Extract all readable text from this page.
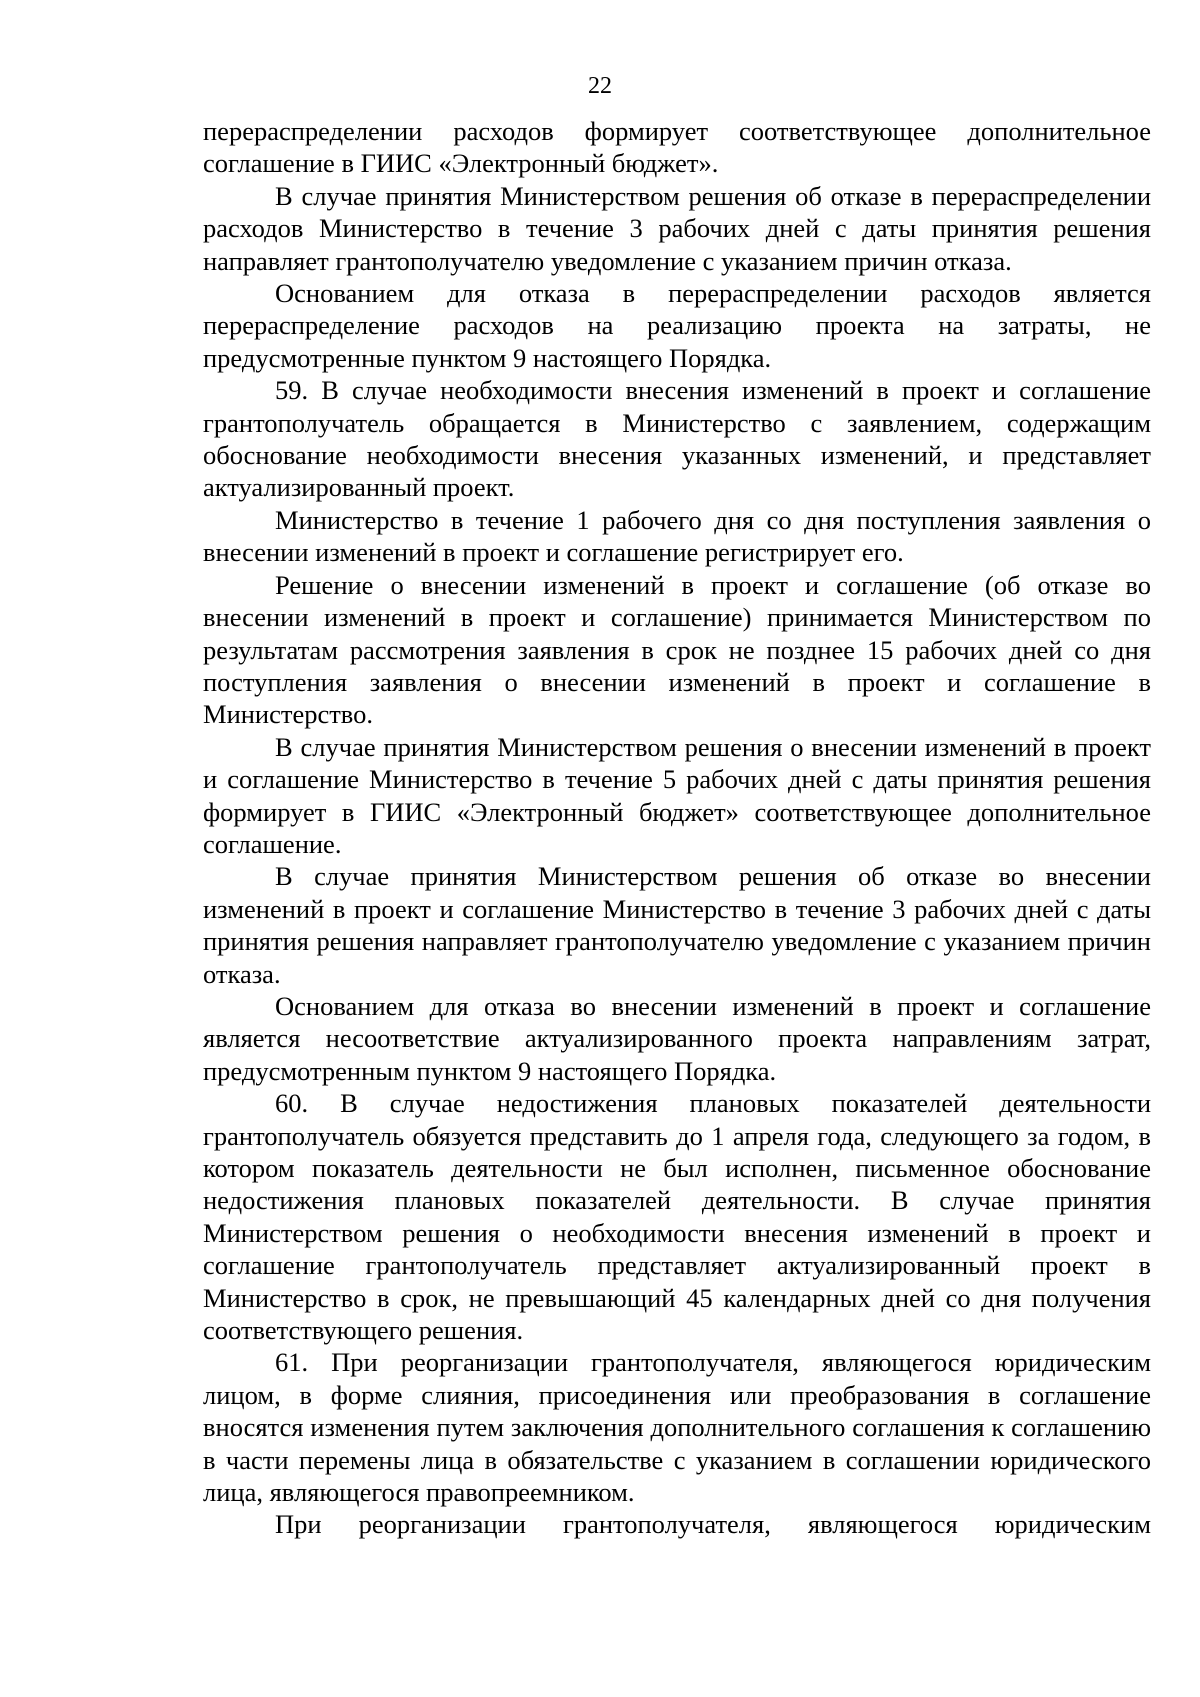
22

перераспределении расходов формирует соответствующее дополнительное соглашение в ГИИС «Электронный бюджет».

В случае принятия Министерством решения об отказе в перераспределении расходов Министерство в течение 3 рабочих дней с даты принятия решения направляет грантополучателю уведомление с указанием причин отказа.

Основанием для отказа в перераспределении расходов является перераспределение расходов на реализацию проекта на затраты, не предусмотренные пунктом 9 настоящего Порядка.

59. В случае необходимости внесения изменений в проект и соглашение грантополучатель обращается в Министерство с заявлением, содержащим обоснование необходимости внесения указанных изменений, и представляет актуализированный проект.

Министерство в течение 1 рабочего дня со дня поступления заявления о внесении изменений в проект и соглашение регистрирует его.

Решение о внесении изменений в проект и соглашение (об отказе во внесении изменений в проект и соглашение) принимается Министерством по результатам рассмотрения заявления в срок не позднее 15 рабочих дней со дня поступления заявления о внесении изменений в проект и соглашение в Министерство.

В случае принятия Министерством решения о внесении изменений в проект и соглашение Министерство в течение 5 рабочих дней с даты принятия решения формирует в ГИИС «Электронный бюджет» соответствующее дополнительное соглашение.

В случае принятия Министерством решения об отказе во внесении изменений в проект и соглашение Министерство в течение 3 рабочих дней с даты принятия решения направляет грантополучателю уведомление с указанием причин отказа.

Основанием для отказа во внесении изменений в проект и соглашение является несоответствие актуализированного проекта направлениям затрат, предусмотренным пунктом 9 настоящего Порядка.

60. В случае недостижения плановых показателей деятельности грантополучатель обязуется представить до 1 апреля года, следующего за годом, в котором показатель деятельности не был исполнен, письменное обоснование недостижения плановых показателей деятельности. В случае принятия Министерством решения о необходимости внесения изменений в проект и соглашение грантополучатель представляет актуализированный проект в Министерство в срок, не превышающий 45 календарных дней со дня получения соответствующего решения.

61. При реорганизации грантополучателя, являющегося юридическим лицом, в форме слияния, присоединения или преобразования в соглашение вносятся изменения путем заключения дополнительного соглашения к соглашению в части перемены лица в обязательстве с указанием в соглашении юридического лица, являющегося правопреемником.

При реорганизации грантополучателя, являющегося юридическим
